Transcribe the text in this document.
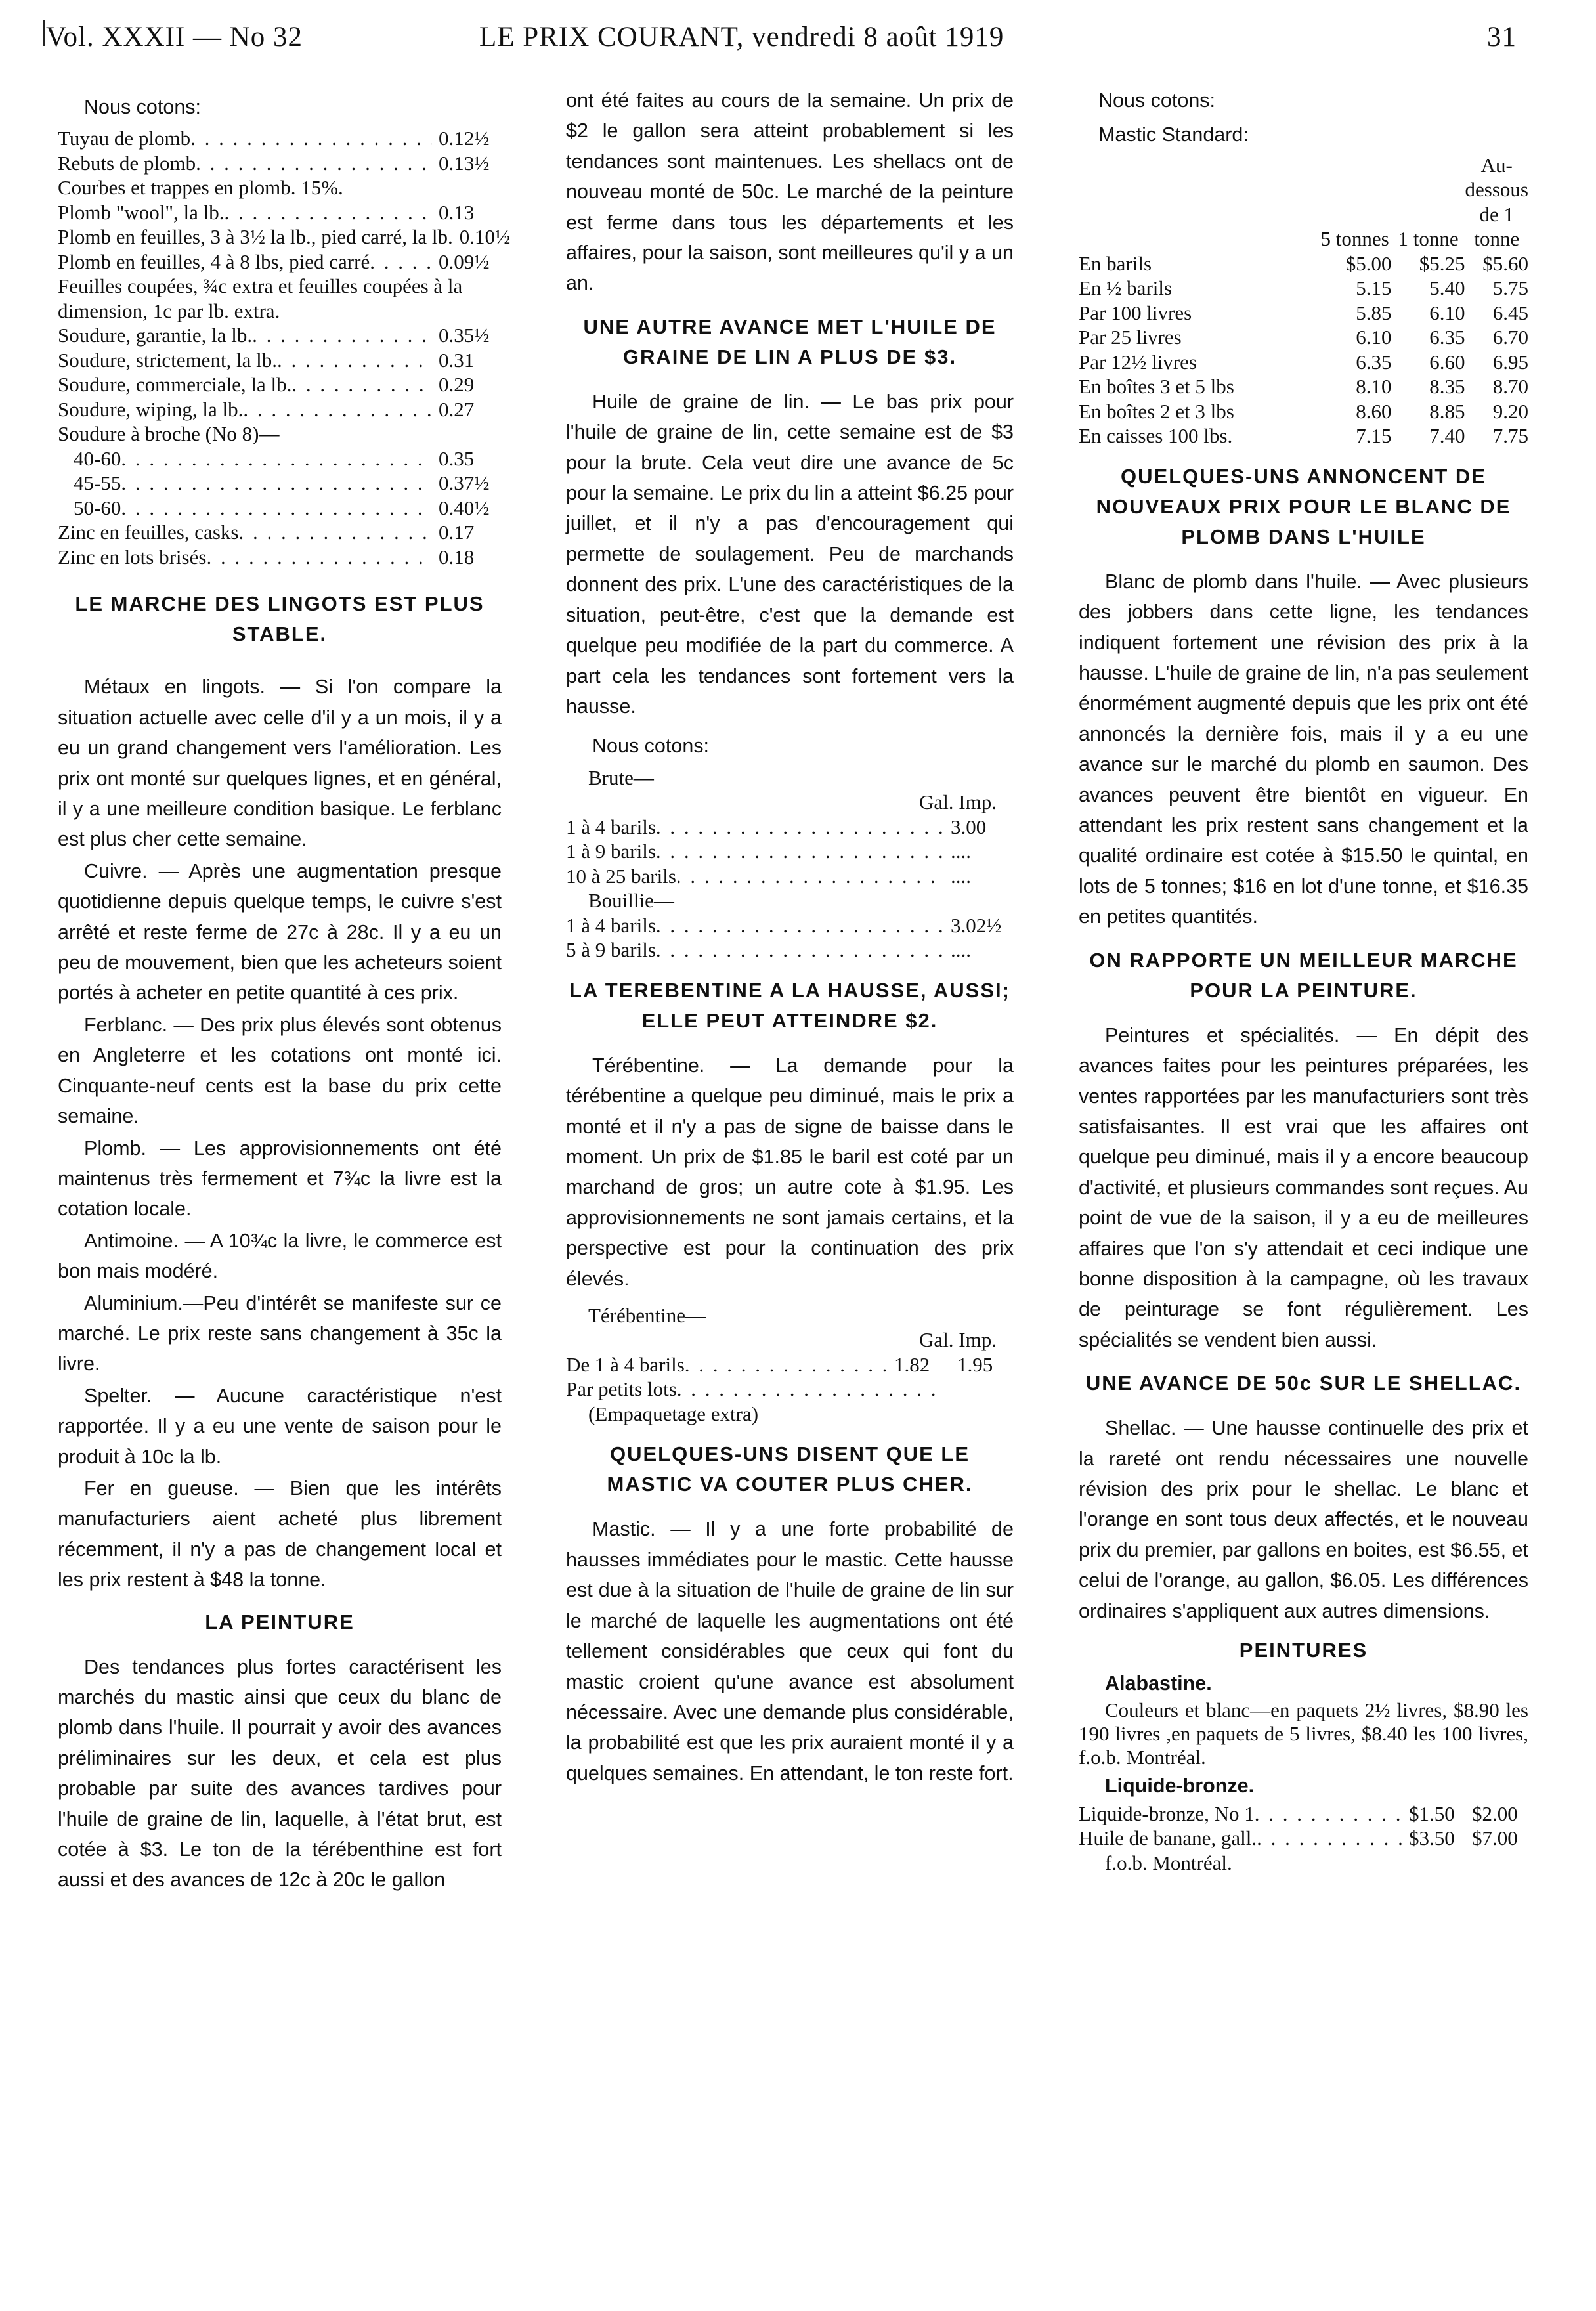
Vol. XXXII — No 32	LE PRIX COURANT, vendredi 8 août 1919	31
Nous cotons:
Tuyau de plomb . . .	0.12½
Rebuts de plomb . . .	0.13½
Courbes et trappes en plomb. 15%.
Plomb "wool", la lb. . . .	0.13
Plomb en feuilles, 3 à 3½ la lb., pied carré, la lb. 0.10½
Plomb en feuilles, 4 à 8 lbs, pied carré . . .	0.09½
Feuilles coupées, ¾c extra et feuilles coupées à la dimension, 1c par lb. extra.
Soudure, garantie, la lb. . . .	0.35½
Soudure, strictement, la lb. . . .	0.31
Soudure, commerciale, la lb. . . .	0.29
Soudure, wiping, la lb. . . .	0.27
Soudure à broche (No 8)—
40-60 . . .	0.35
45-55 . . .	0.37½
50-60 . . .	0.40½
Zinc en feuilles, casks . . .	0.17
Zinc en lots brisés . . .	0.18
LE MARCHE DES LINGOTS EST PLUS STABLE.

Métaux en lingots. — Si l'on compare la situation actuelle avec celle d'il y a un mois, il y a eu un grand changement vers l'amélioration. Les prix ont monté sur quelques lignes, et en général, il y a une meilleure condition basique. Le ferblanc est plus cher cette semaine.

Cuivre. — Après une augmentation presque quotidienne depuis quelque temps, le cuivre s'est arrêté et reste ferme de 27c à 28c. Il y a eu un peu de mouvement, bien que les acheteurs soient portés à acheter en petite quantité à ces prix.

Ferblanc. — Des prix plus élevés sont obtenus en Angleterre et les cotations ont monté ici. Cinquante-neuf cents est la base du prix cette semaine.

Plomb. — Les approvisionnements ont été maintenus très fermement et 7¾c la livre est la cotation locale.

Antimoine. — A 10¾c la livre, le commerce est bon mais modéré.

Aluminium.—Peu d'intérêt se manifeste sur ce marché. Le prix reste sans changement à 35c la livre.

Spelter. — Aucune caractéristique n'est rapportée. Il y a eu une vente de saison pour le produit à 10c la lb.

Fer en gueuse. — Bien que les intérêts manufacturiers aient acheté plus librement récemment, il n'y a pas de changement local et les prix restent à $48 la tonne.

LA PEINTURE

Des tendances plus fortes caractérisent les marchés du mastic ainsi que ceux du blanc de plomb dans l'huile. Il pourrait y avoir des avances préliminaires sur les deux, et cela est plus probable par suite des avances tardives pour l'huile de graine de lin, laquelle, à l'état brut, est cotée à $3. Le ton de la térébenthine est fort aussi et des avances de 12c à 20c le gallon

ont été faites au cours de la semaine. Un prix de $2 le gallon sera atteint probablement si les tendances sont maintenues. Les shellacs ont de nouveau monté de 50c. Le marché de la peinture est ferme dans tous les départements et les affaires, pour la saison, sont meilleures qu'il y a un an.

UNE AUTRE AVANCE MET L'HUILE DE GRAINE DE LIN A PLUS DE $3.

Huile de graine de lin. — Le bas prix pour l'huile de graine de lin, cette semaine est de $3 pour la brute. Cela veut dire une avance de 5c pour la semaine. Le prix du lin a atteint $6.25 pour juillet, et il n'y a pas d'encouragement qui permette de soulagement. Peu de marchands donnent des prix. L'une des caractéristiques de la situation, peut-être, c'est que la demande est quelque peu modifiée de la part du commerce. A part cela les tendances sont fortement vers la hausse.

Nous cotons:
Brute—
Gal. Imp.
1 à 4 barils . . .	3.00
1 à 9 barils . . .	....
10 à 25 barils . . .	....
Bouillie—
1 à 4 barils . . .	3.02½
5 à 9 barils . . .	....
LA TEREBENTINE A LA HAUSSE, AUSSI; ELLE PEUT ATTEINDRE $2.

Térébentine. — La demande pour la térébentine a quelque peu diminué, mais le prix a monté et il n'y a pas de signe de baisse dans le moment. Un prix de $1.85 le baril est coté par un marchand de gros; un autre cote à $1.95. Les approvisionnements ne sont jamais certains, et la perspective est pour la continuation des prix élevés.

Térébentine—
Gal. Imp.
De 1 à 4 barils . . .	1.82	1.95
Par petits lots
. . .
(Empaquetage extra)
QUELQUES-UNS DISENT QUE LE MASTIC VA COUTER PLUS CHER.

Mastic. — Il y a une forte probabilité de hausses immédiates pour le mastic. Cette hausse est due à la situation de l'huile de graine de lin sur le marché de laquelle les augmentations ont été tellement considérables que ceux qui font du mastic croient qu'une avance est absolument nécessaire. Avec une demande plus considérable, la probabilité est que les prix auraient monté il y a quelques semaines. En attendant, le ton reste fort.

Nous cotons:
Mastic Standard:
	5 tonnes	1 tonne	Au-dessous de 1 tonne
En barils	$5.00	$5.25	$5.60
En ½ barils	5.15	5.40	5.75
Par 100 livres	5.85	6.10	6.45
Par 25 livres	6.10	6.35	6.70
Par 12½ livres	6.35	6.60	6.95
En boîtes 3 et 5 lbs	8.10	8.35	8.70
En boîtes 2 et 3 lbs	8.60	8.85	9.20
En caisses 100 lbs.	7.15	7.40	7.75
QUELQUES-UNS ANNONCENT DE NOUVEAUX PRIX POUR LE BLANC DE PLOMB DANS L'HUILE

Blanc de plomb dans l'huile. — Avec plusieurs des jobbers dans cette ligne, les tendances indiquent fortement une révision des prix à la hausse. L'huile de graine de lin, n'a pas seulement énormément augmenté depuis que les prix ont été annoncés la dernière fois, mais il y a eu une avance sur le marché du plomb en saumon. Des avances peuvent être bientôt en vigueur. En attendant les prix restent sans changement et la qualité ordinaire est cotée à $15.50 le quintal, en lots de 5 tonnes; $16 en lot d'une tonne, et $16.35 en petites quantités.

ON RAPPORTE UN MEILLEUR MARCHE POUR LA PEINTURE.

Peintures et spécialités. — En dépit des avances faites pour les peintures préparées, les ventes rapportées par les manufacturiers sont très satisfaisantes. Il est vrai que les affaires ont quelque peu diminué, mais il y a encore beaucoup d'activité, et plusieurs commandes sont reçues. Au point de vue de la saison, il y a eu de meilleures affaires que l'on s'y attendait et ceci indique une bonne disposition à la campagne, où les travaux de peinturage se font régulièrement. Les spécialités se vendent bien aussi.

UNE AVANCE DE 50c SUR LE SHELLAC.

Shellac. — Une hausse continuelle des prix et la rareté ont rendu nécessaires une nouvelle révision des prix pour le shellac. Le blanc et l'orange en sont tous deux affectés, et le nouveau prix du premier, par gallons en boites, est $6.55, et celui de l'orange, au gallon, $6.05. Les différences ordinaires s'appliquent aux autres dimensions.

PEINTURES
Alabastine.

Couleurs et blanc—en paquets 2½ livres, $8.90 les 190 livres ,en paquets de 5 livres, $8.40 les 100 livres, f.o.b. Montréal.

Liquide-bronze.
Liquide-bronze, No 1 . . .	$1.50 $2.00
Huile de banane, gall. . . .	$3.50 $7.00
f.o.b. Montréal.
